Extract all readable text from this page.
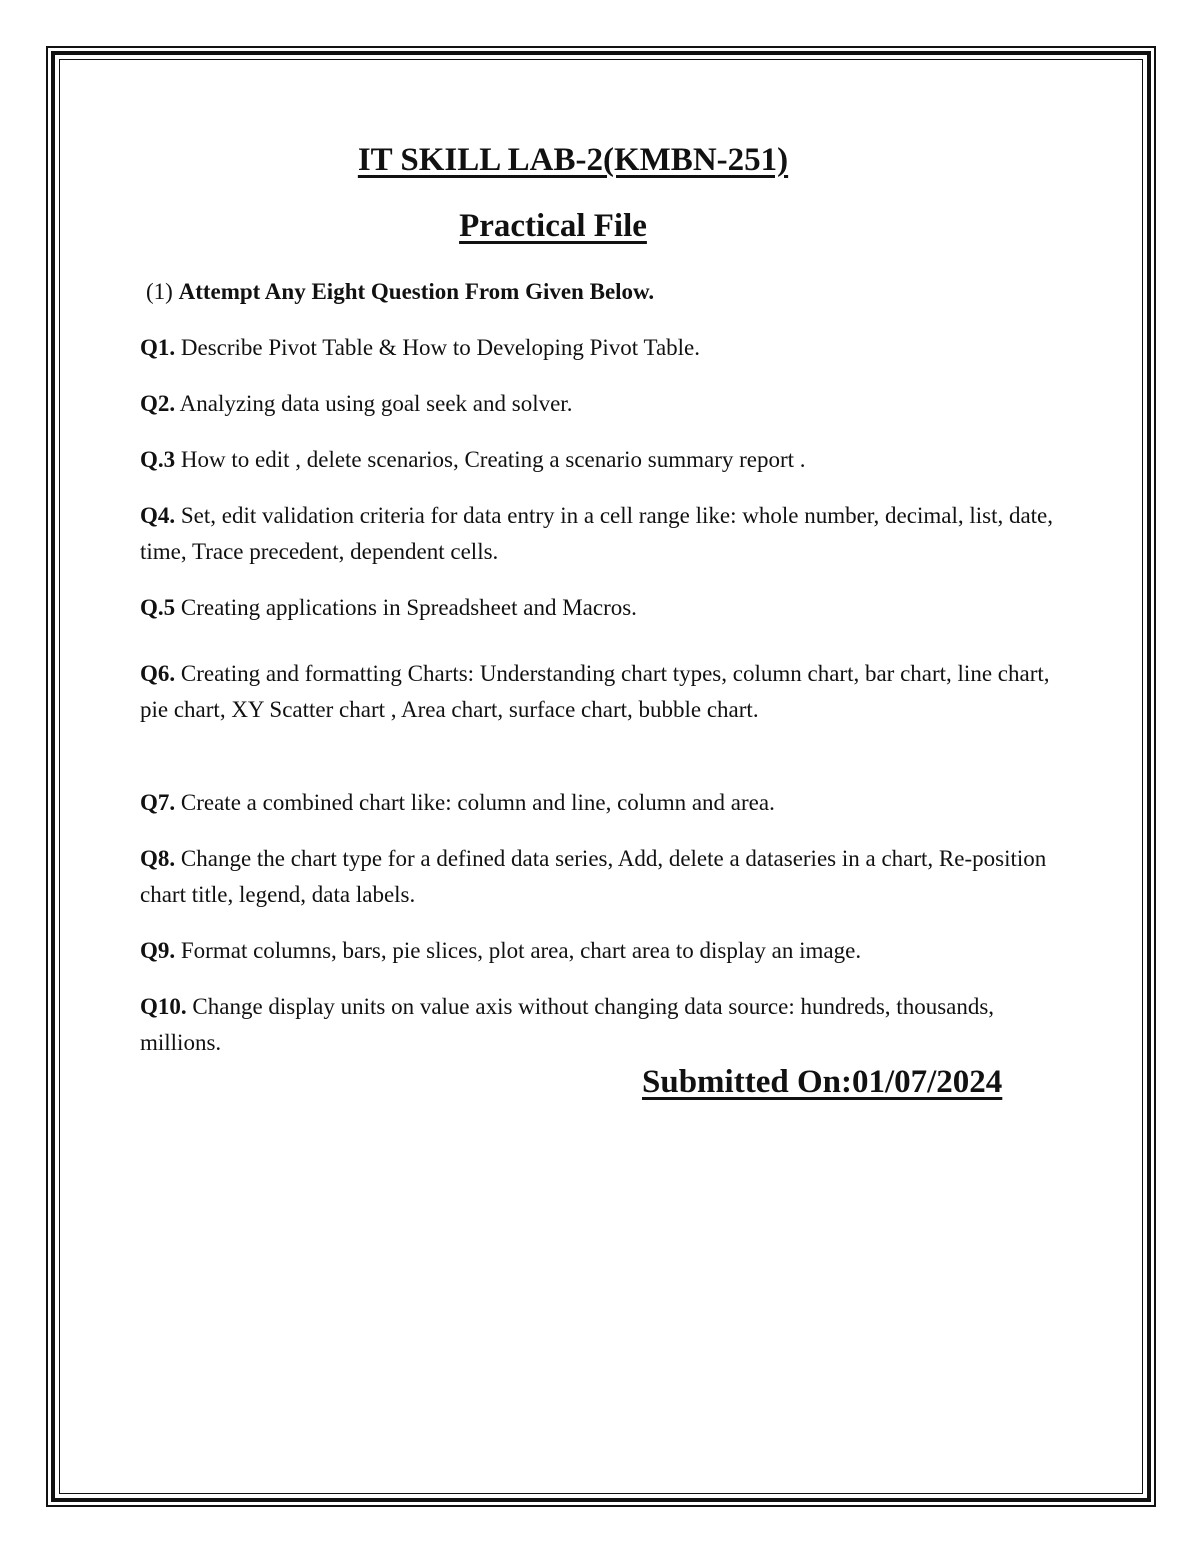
IT SKILL LAB-2(KMBN-251)
Practical File

(1) Attempt Any Eight Question From Given Below.

Q1. Describe Pivot Table & How to Developing Pivot Table.

Q2. Analyzing data using goal seek and solver.

Q.3 How to edit , delete scenarios, Creating a scenario summary report .

Q4. Set, edit validation criteria for data entry in a cell range like: whole number, decimal, list, date, time, Trace precedent, dependent cells.

Q.5 Creating applications in Spreadsheet and Macros.

Q6. Creating and formatting Charts: Understanding chart types, column chart, bar chart, line chart, pie chart, XY Scatter chart , Area chart, surface chart, bubble chart.

Q7. Create a combined chart like: column and line, column and area.

Q8. Change the chart type for a defined data series, Add, delete a dataseries in a chart, Re-position chart title, legend, data labels.

Q9. Format columns, bars, pie slices, plot area, chart area to display an image.

Q10. Change display units on value axis without changing data source: hundreds, thousands, millions.

Submitted On:01/07/2024
